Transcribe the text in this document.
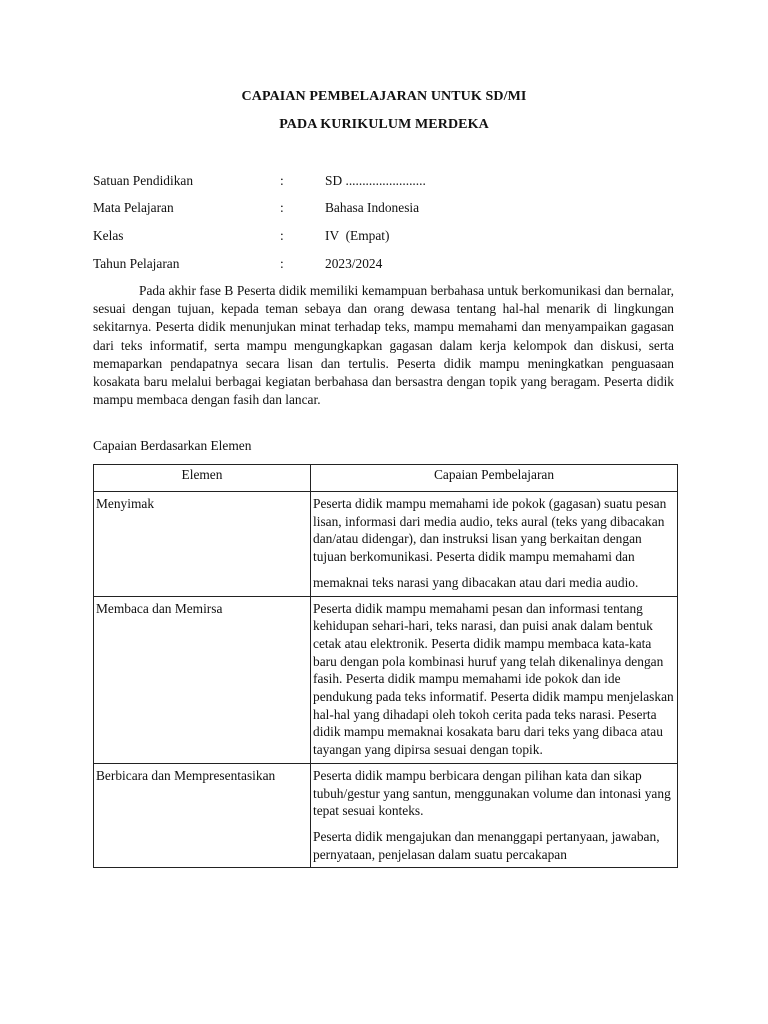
CAPAIAN PEMBELAJARAN UNTUK SD/MI
PADA KURIKULUM MERDEKA
Satuan Pendidikan	:	SD ........................
Mata Pelajaran	:	Bahasa Indonesia
Kelas	:	IV  (Empat)
Tahun Pelajaran	:	2023/2024

Pada akhir fase B Peserta didik memiliki kemampuan berbahasa untuk berkomunikasi dan bernalar, sesuai dengan tujuan, kepada teman sebaya dan orang dewasa tentang hal-hal menarik di lingkungan sekitarnya. Peserta didik menunjukan minat terhadap teks, mampu memahami dan menyampaikan gagasan dari teks informatif, serta mampu mengungkapkan gagasan dalam kerja kelompok dan diskusi, serta memaparkan pendapatnya secara lisan dan tertulis. Peserta didik mampu meningkatkan penguasaan kosakata baru melalui berbagai kegiatan berbahasa dan bersastra dengan topik yang beragam. Peserta didik mampu membaca dengan fasih dan lancar.

Capaian Berdasarkan Elemen
Elemen	Capaian Pembelajaran
Menyimak	Peserta didik mampu memahami ide pokok (gagasan) suatu pesan lisan, informasi dari media audio, teks aural (teks yang dibacakan dan/atau didengar), dan instruksi lisan yang berkaitan dengan tujuan berkomunikasi. Peserta didik mampu memahami dan

memaknai teks narasi yang dibacakan atau dari media audio.

Membaca dan Memirsa	Peserta didik mampu memahami pesan dan informasi tentang kehidupan sehari-hari, teks narasi, dan puisi anak dalam bentuk cetak atau elektronik. Peserta didik mampu membaca kata-kata baru dengan pola kombinasi huruf yang telah dikenalinya dengan fasih. Peserta didik mampu memahami ide pokok dan ide pendukung pada teks informatif. Peserta didik mampu menjelaskan hal-hal yang dihadapi oleh tokoh cerita pada teks narasi. Peserta didik mampu memaknai kosakata baru dari teks yang dibaca atau tayangan yang dipirsa sesuai dengan topik.

Berbicara dan Mempresentasikan	Peserta didik mampu berbicara dengan pilihan kata dan sikap tubuh/gestur yang santun, menggunakan volume dan intonasi yang tepat sesuai konteks.

Peserta didik mengajukan dan menanggapi pertanyaan, jawaban, pernyataan, penjelasan dalam suatu percakapan
